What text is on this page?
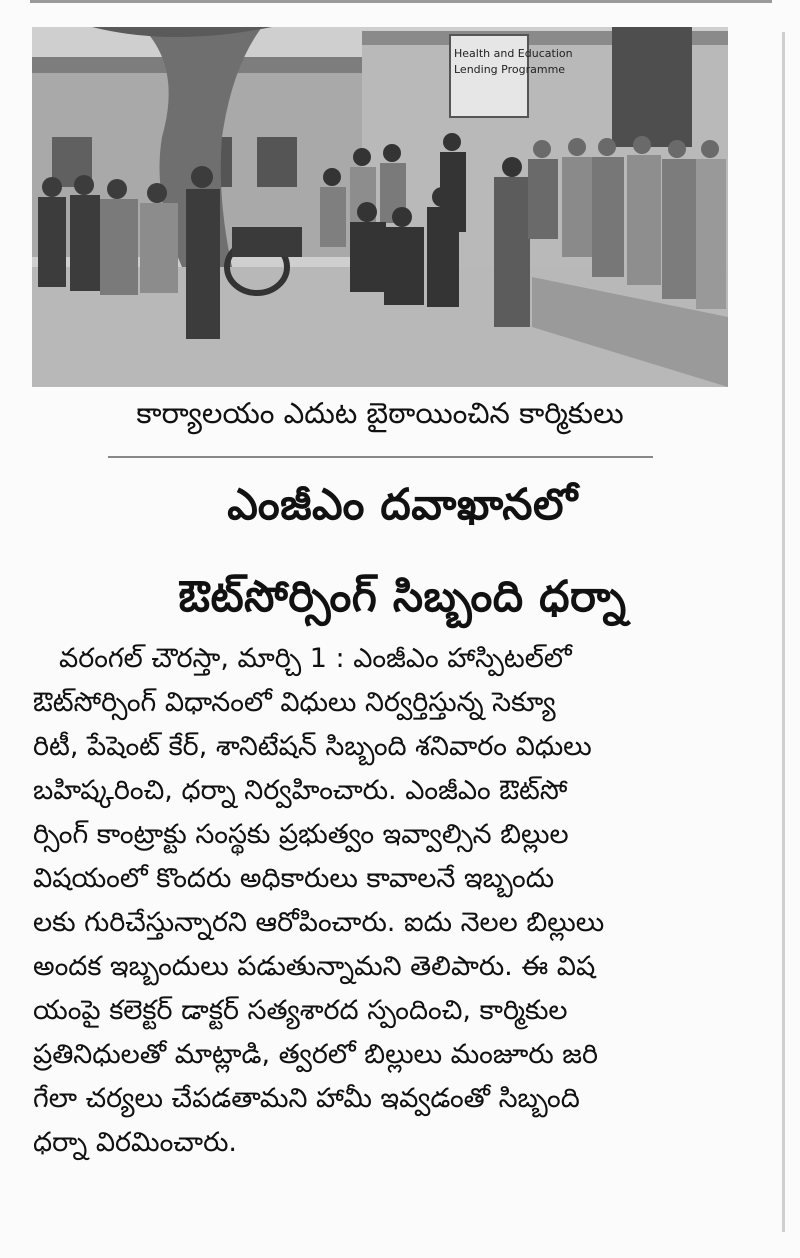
Health and Education
Lending Programme
కార్యాలయం ఎదుట బైఠాయించిన కార్మికులు
ఎంజీఎం దవాఖానలో
ఔట్‌సోర్సింగ్ సిబ్బంది ధర్నా
వరంగల్ చౌరస్తా, మార్చి 1 : ఎంజీఎం హాస్పిటల్‌లో
ఔట్‌సోర్సింగ్ విధానంలో విధులు నిర్వర్తిస్తున్న సెక్యూ
రిటీ, పేషెంట్ కేర్, శానిటేషన్ సిబ్బంది శనివారం విధులు
బహిష్కరించి, ధర్నా నిర్వహించారు. ఎంజీఎం ఔట్‌సో
ర్సింగ్ కాంట్రాక్టు సంస్థకు ప్రభుత్వం ఇవ్వాల్సిన బిల్లుల
విషయంలో కొందరు అధికారులు కావాలనే ఇబ్బందు
లకు గురిచేస్తున్నారని ఆరోపించారు. ఐదు నెలల బిల్లులు
అందక ఇబ్బందులు పడుతున్నామని తెలిపారు. ఈ విష
యంపై కలెక్టర్ డాక్టర్ సత్యశారద స్పందించి, కార్మికుల
ప్రతినిధులతో మాట్లాడి, త్వరలో బిల్లులు మంజూరు జరి
గేలా చర్యలు చేపడతామని హామీ ఇవ్వడంతో సిబ్బంది
ధర్నా విరమించారు.
